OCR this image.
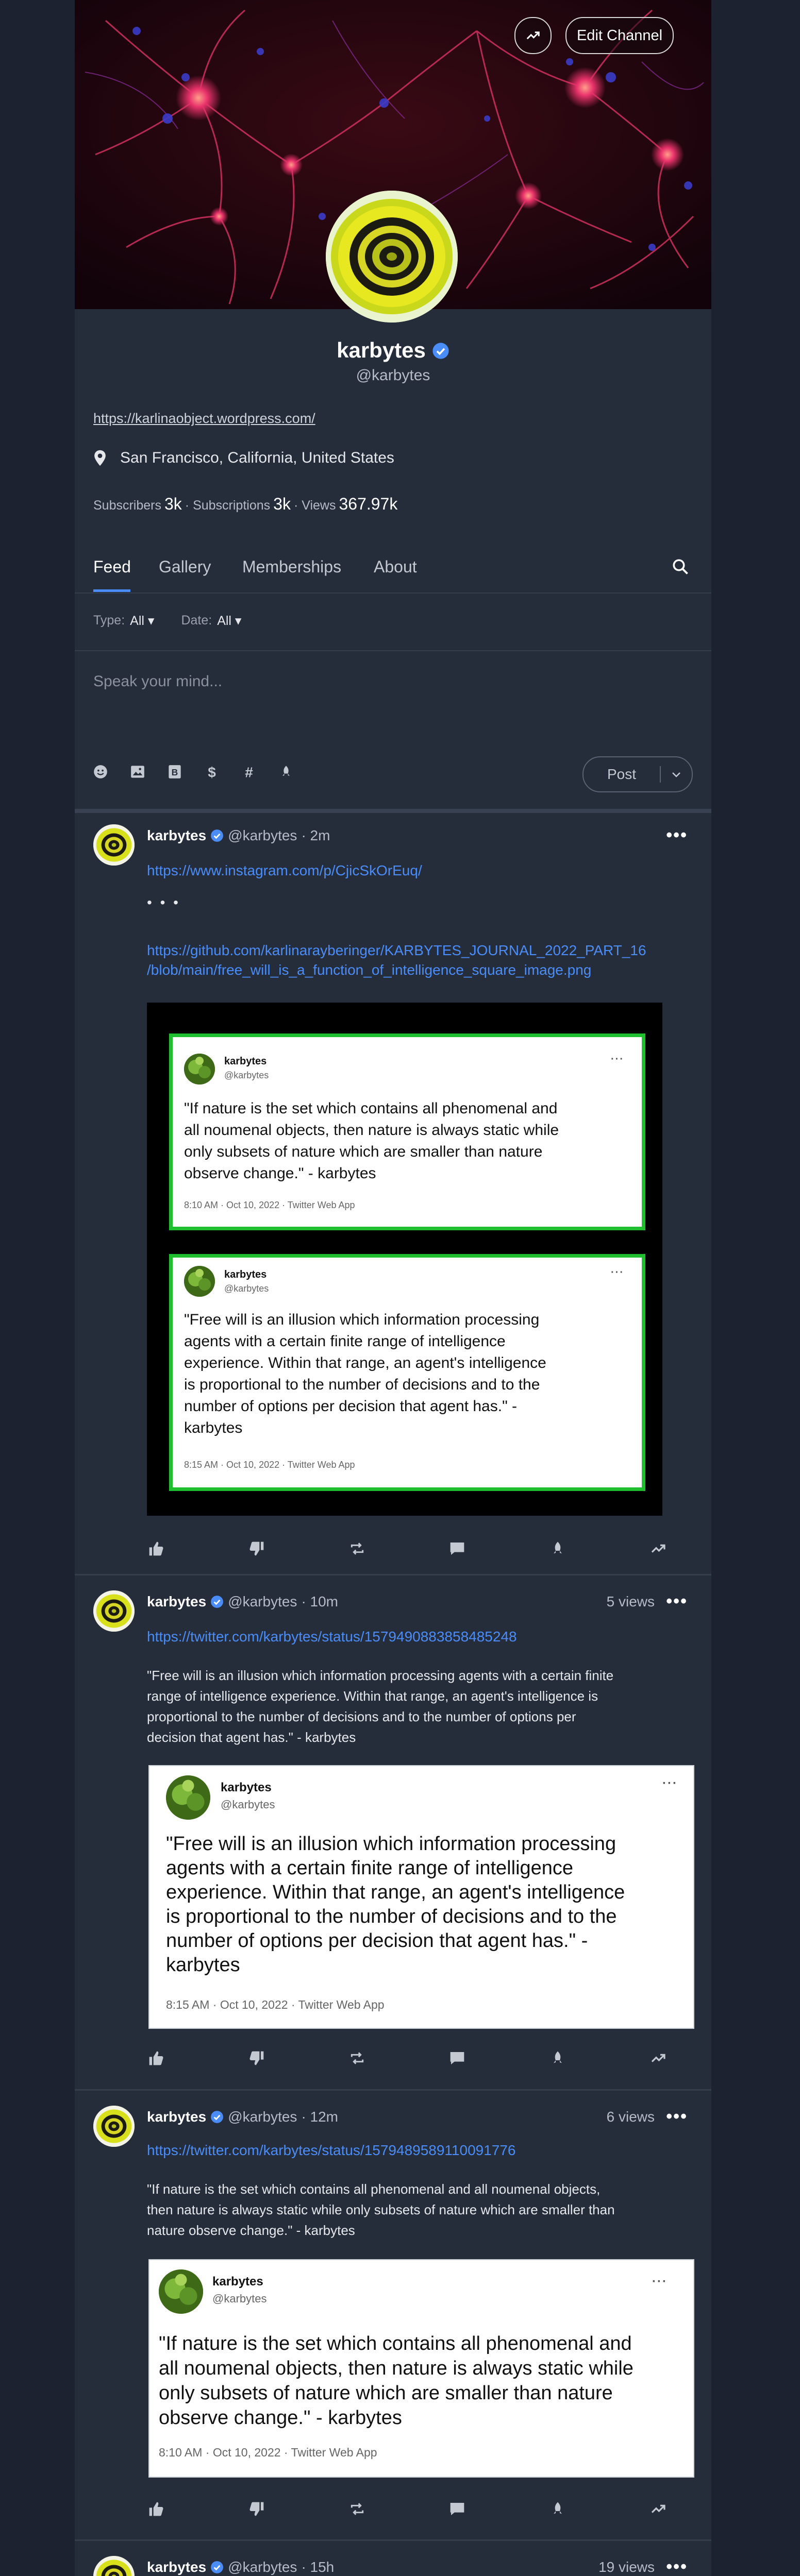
Edit Channel
karbytes
@karbytes
https://karlinaobject.wordpress.com/
San Francisco, California, United States
Subscribers 3k · Subscriptions 3k · Views 367.97k
Feed Gallery Memberships About
Type: All ▾ Date: All ▾
Speak your mind...
B $ #	Post
karbytes @karbytes · 2m	•••
https://www.instagram.com/p/CjicSkOrEuq/
• • •
https://github.com/karlinarayberinger/KARBYTES_JOURNAL_2022_PART_16
/blob/main/free_will_is_a_function_of_intelligence_square_image.png
karbytes
@karbytes
···
"If nature is the set which contains all phenomenal and
all noumenal objects, then nature is always static while
only subsets of nature which are smaller than nature
observe change." - karbytes
8:10 AM · Oct 10, 2022 · Twitter Web App
karbytes
@karbytes
···
"Free will is an illusion which information processing
agents with a certain finite range of intelligence
experience. Within that range, an agent's intelligence
is proportional to the number of decisions and to the
number of options per decision that agent has." -
karbytes
8:15 AM · Oct 10, 2022 · Twitter Web App
karbytes @karbytes · 10m	5 views •••
https://twitter.com/karbytes/status/1579490883858485248
"Free will is an illusion which information processing agents with a certain finite
range of intelligence experience. Within that range, an agent's intelligence is
proportional to the number of decisions and to the number of options per
decision that agent has." - karbytes
karbytes
@karbytes
···
"Free will is an illusion which information processing
agents with a certain finite range of intelligence
experience. Within that range, an agent's intelligence
is proportional to the number of decisions and to the
number of options per decision that agent has." -
karbytes
8:15 AM · Oct 10, 2022 · Twitter Web App
karbytes @karbytes · 12m	6 views •••
https://twitter.com/karbytes/status/1579489589110091776
"If nature is the set which contains all phenomenal and all noumenal objects,
then nature is always static while only subsets of nature which are smaller than
nature observe change." - karbytes
karbytes
@karbytes
···
"If nature is the set which contains all phenomenal and
all noumenal objects, then nature is always static while
only subsets of nature which are smaller than nature
observe change." - karbytes
8:10 AM · Oct 10, 2022 · Twitter Web App
karbytes @karbytes · 15h	19 views •••
